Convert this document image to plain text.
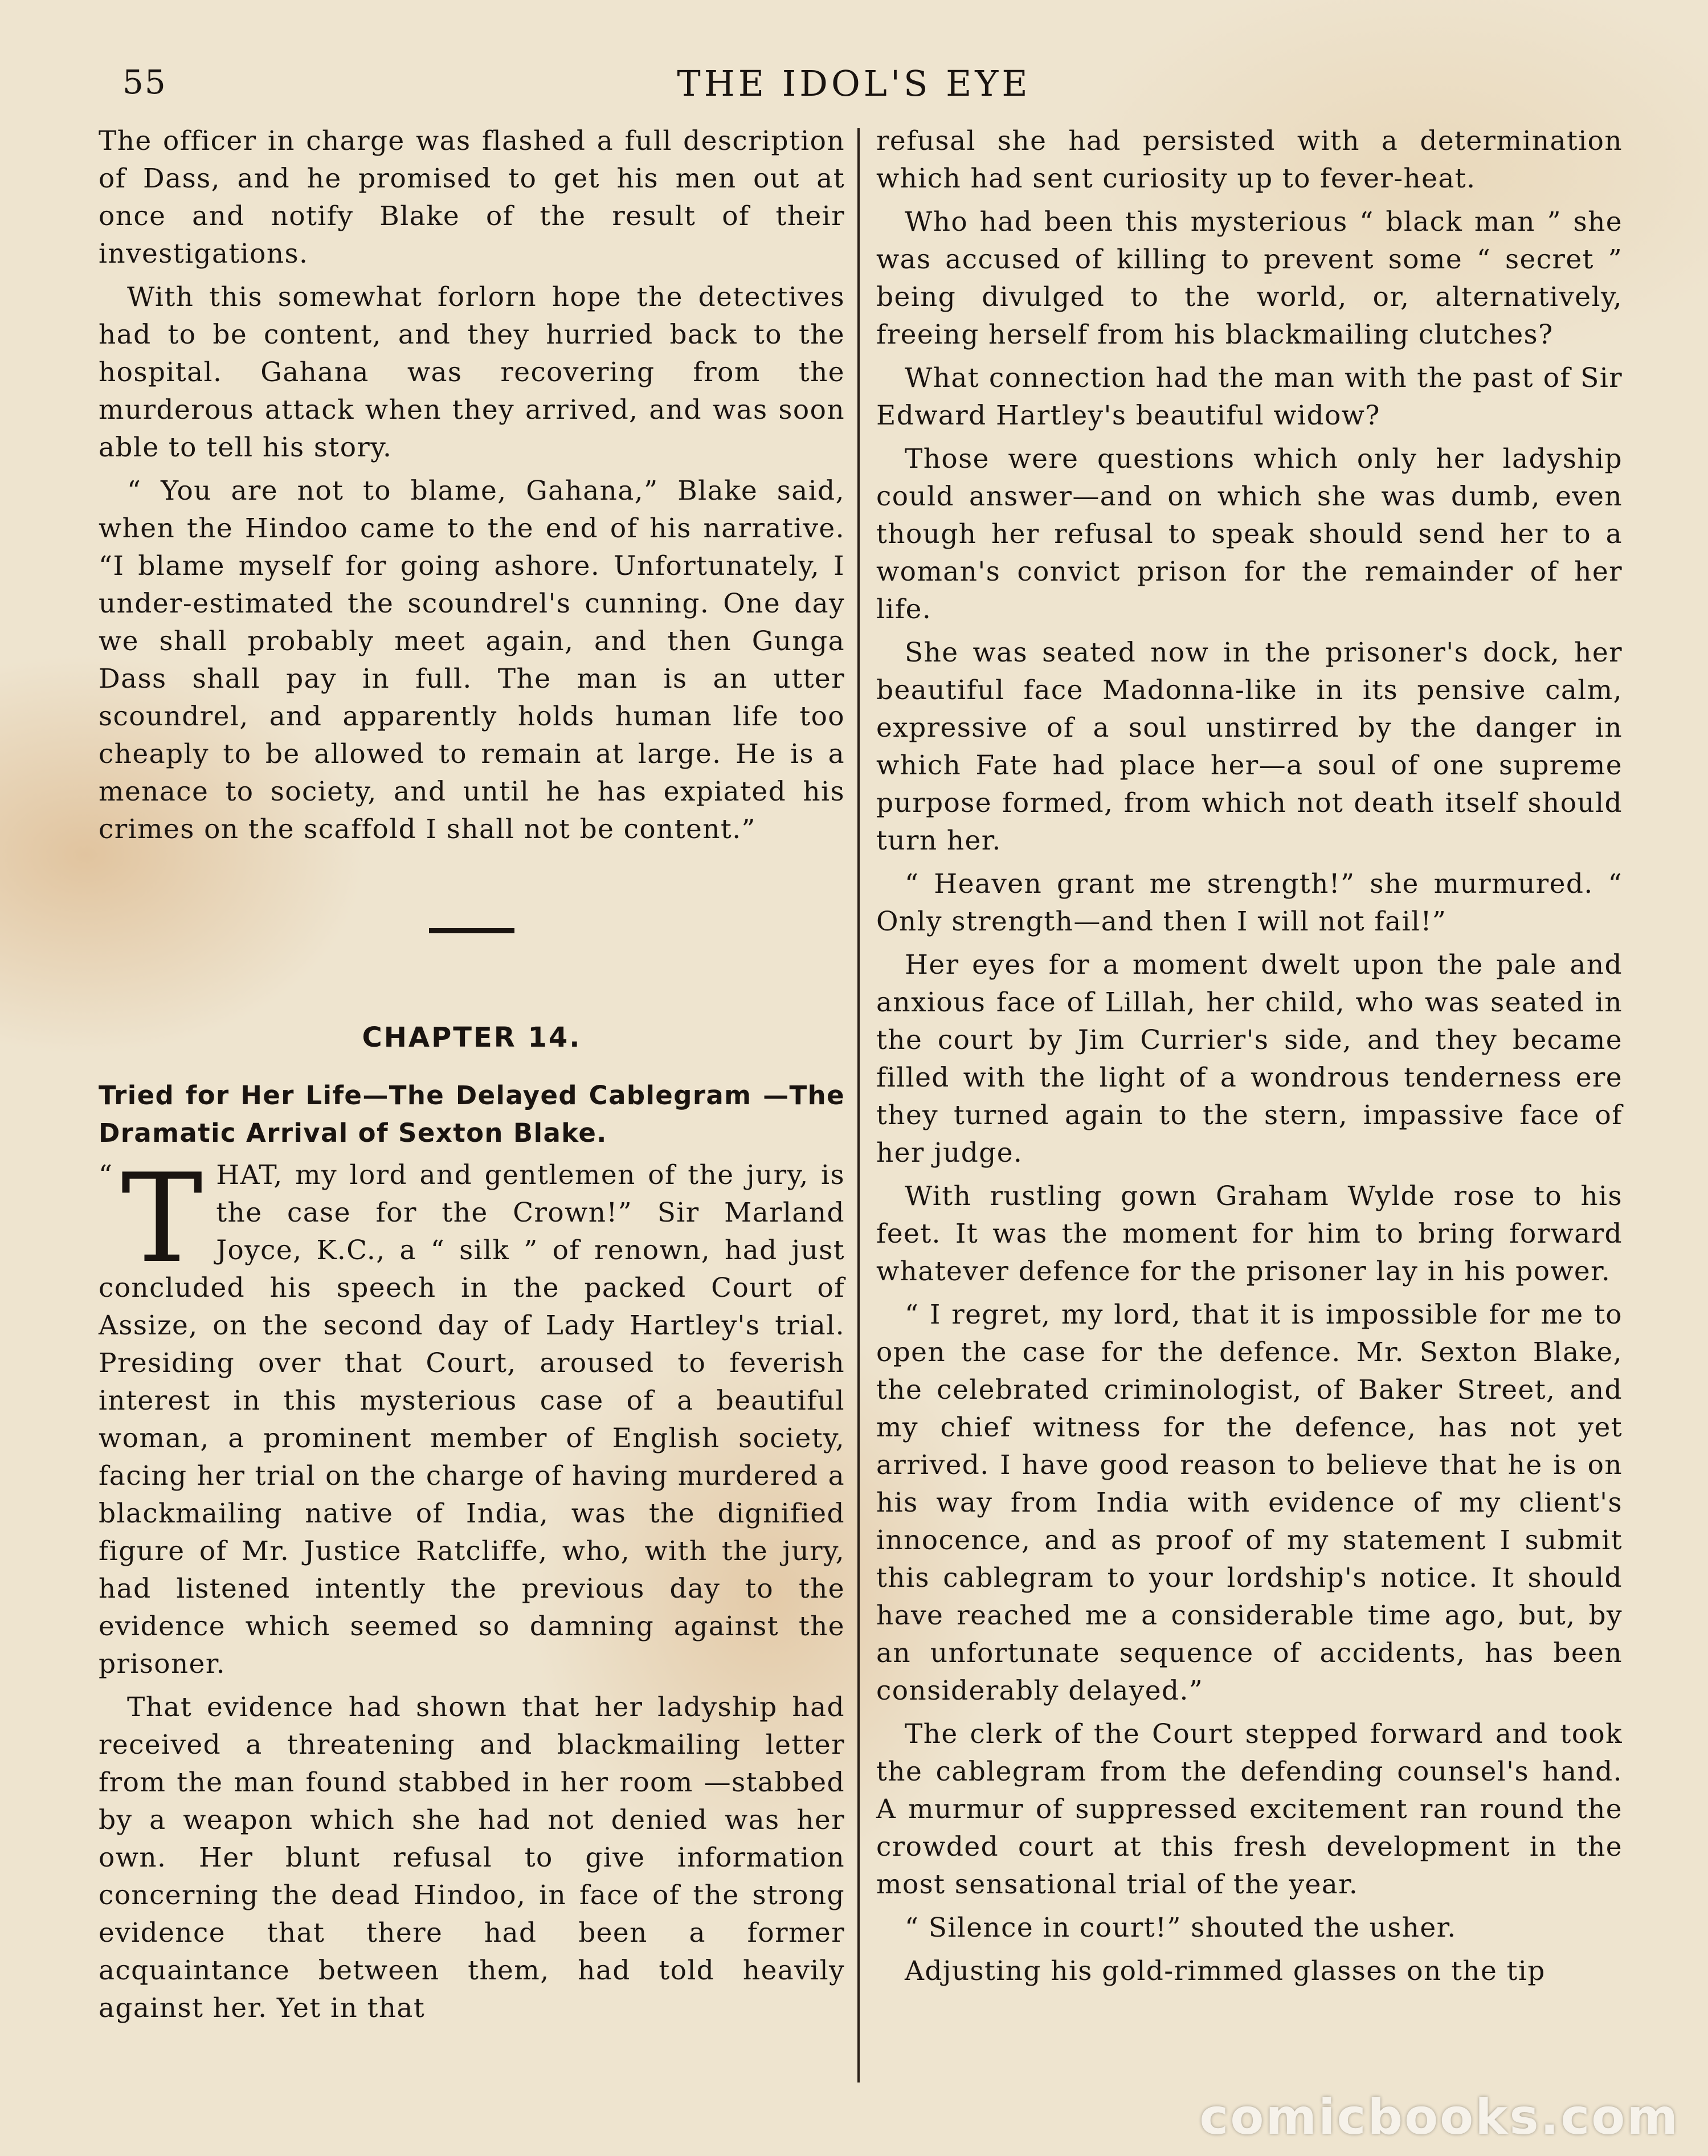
55	THE IDOL'S EYE

The officer in charge was flashed a full description of Dass, and he promised to get his men out at once and notify Blake of the result of their investigations.

With this somewhat forlorn hope the detectives had to be content, and they hurried back to the hospital. Gahana was recovering from the murderous attack when they arrived, and was soon able to tell his story.

“ You are not to blame, Gahana,” Blake said, when the Hindoo came to the end of his narrative. “I blame myself for going ashore. Unfortunately, I under-estimated the scoundrel's cunning. One day we shall probably meet again, and then Gunga Dass shall pay in full. The man is an utter scoundrel, and apparently holds human life too cheaply to be allowed to remain at large. He is a menace to society, and until he has expiated his crimes on the scaffold I shall not be content.”

CHAPTER 14.
Tried for Her Life—The Delayed Cablegram —The Dramatic Arrival of Sexton Blake.

“ T HAT, my lord and gentlemen of the jury, is the case for the Crown!” Sir Marland Joyce, K.C., a “ silk ” of renown, had just concluded his speech in the packed Court of Assize, on the second day of Lady Hartley's trial. Presiding over that Court, aroused to feverish interest in this mysterious case of a beautiful woman, a prominent member of English society, facing her trial on the charge of having murdered a blackmailing native of India, was the dignified figure of Mr. Justice Ratcliffe, who, with the jury, had listened intently the previous day to the evidence which seemed so damning against the prisoner.

That evidence had shown that her ladyship had received a threatening and blackmailing letter from the man found stabbed in her room —stabbed by a weapon which she had not denied was her own. Her blunt refusal to give information concerning the dead Hindoo, in face of the strong evidence that there had been a former acquaintance between them, had told heavily against her. Yet in that

refusal she had persisted with a determination which had sent curiosity up to fever-heat.

Who had been this mysterious “ black man ” she was accused of killing to prevent some “ secret ” being divulged to the world, or, alternatively, freeing herself from his blackmailing clutches?

What connection had the man with the past of Sir Edward Hartley's beautiful widow?

Those were questions which only her ladyship could answer—and on which she was dumb, even though her refusal to speak should send her to a woman's convict prison for the remainder of her life.

She was seated now in the prisoner's dock, her beautiful face Madonna-like in its pensive calm, expressive of a soul unstirred by the danger in which Fate had place her—a soul of one supreme purpose formed, from which not death itself should turn her.

“ Heaven grant me strength!” she murmured. “ Only strength—and then I will not fail!”

Her eyes for a moment dwelt upon the pale and anxious face of Lillah, her child, who was seated in the court by Jim Currier's side, and they became filled with the light of a wondrous tenderness ere they turned again to the stern, impassive face of her judge.

With rustling gown Graham Wylde rose to his feet. It was the moment for him to bring forward whatever defence for the prisoner lay in his power.

“ I regret, my lord, that it is impossible for me to open the case for the defence. Mr. Sexton Blake, the celebrated criminologist, of Baker Street, and my chief witness for the defence, has not yet arrived. I have good reason to believe that he is on his way from India with evidence of my client's innocence, and as proof of my statement I submit this cablegram to your lordship's notice. It should have reached me a considerable time ago, but, by an unfortunate sequence of accidents, has been considerably delayed.”

The clerk of the Court stepped forward and took the cablegram from the defending counsel's hand. A murmur of suppressed excitement ran round the crowded court at this fresh development in the most sensational trial of the year.

“ Silence in court!” shouted the usher.

Adjusting his gold-rimmed glasses on the tip

comicbooks.com
